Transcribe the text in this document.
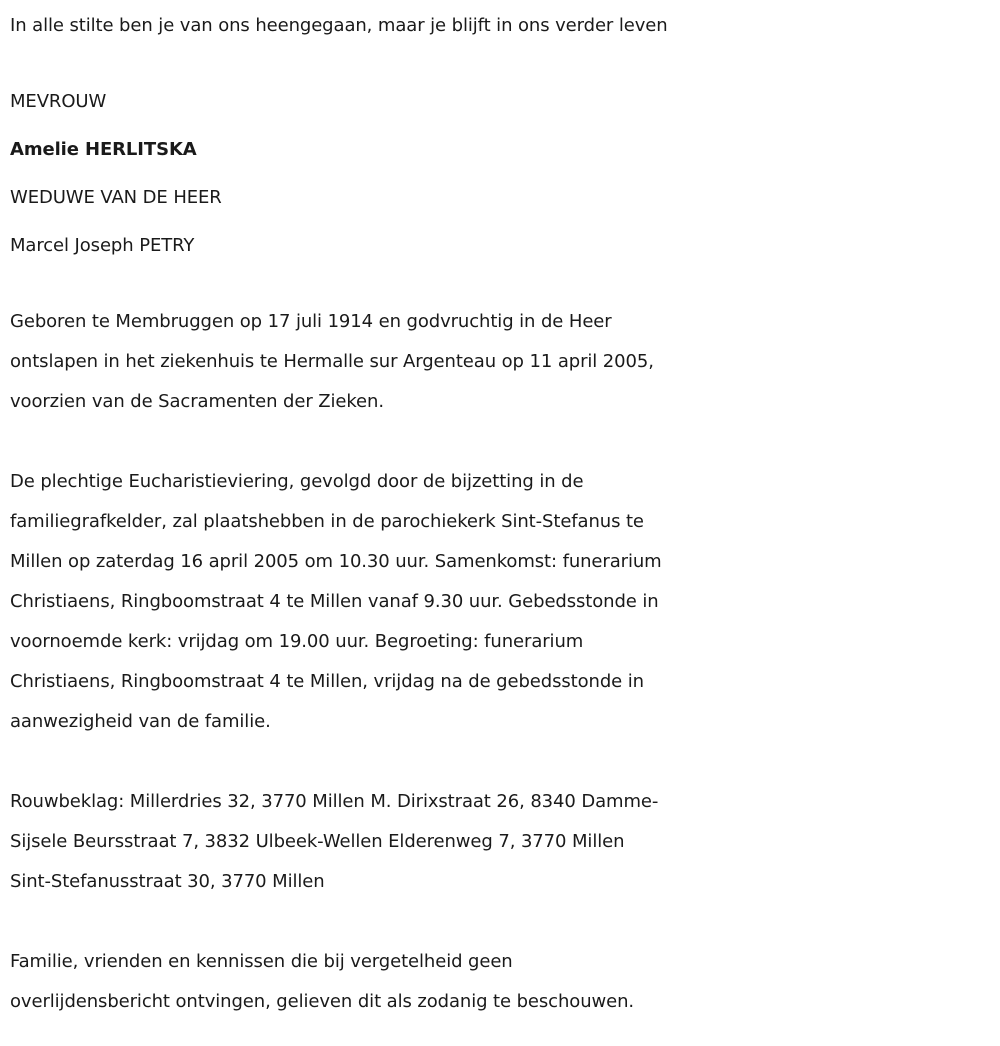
In alle stilte ben je van ons heengegaan, maar je blijft in ons verder leven
MEVROUW
Amelie HERLITSKA
WEDUWE VAN DE HEER
Marcel Joseph PETRY
Geboren te Membruggen op 17 juli 1914 en godvruchtig in de Heer
ontslapen in het ziekenhuis te Hermalle sur Argenteau op 11 april 2005,
voorzien van de Sacramenten der Zieken.
De plechtige Eucharistieviering, gevolgd door de bijzetting in de
familiegrafkelder, zal plaatshebben in de parochiekerk Sint-Stefanus te
Millen op zaterdag 16 april 2005 om 10.30 uur. Samenkomst: funerarium
Christiaens, Ringboomstraat 4 te Millen vanaf 9.30 uur. Gebedsstonde in
voornoemde kerk: vrijdag om 19.00 uur. Begroeting: funerarium
Christiaens, Ringboomstraat 4 te Millen, vrijdag na de gebedsstonde in
aanwezigheid van de familie.
Rouwbeklag: Millerdries 32, 3770 Millen M. Dirixstraat 26, 8340 Damme-
Sijsele Beursstraat 7, 3832 Ulbeek-Wellen Elderenweg 7, 3770 Millen
Sint-Stefanusstraat 30, 3770 Millen
Familie, vrienden en kennissen die bij vergetelheid geen
overlijdensbericht ontvingen, gelieven dit als zodanig te beschouwen.
